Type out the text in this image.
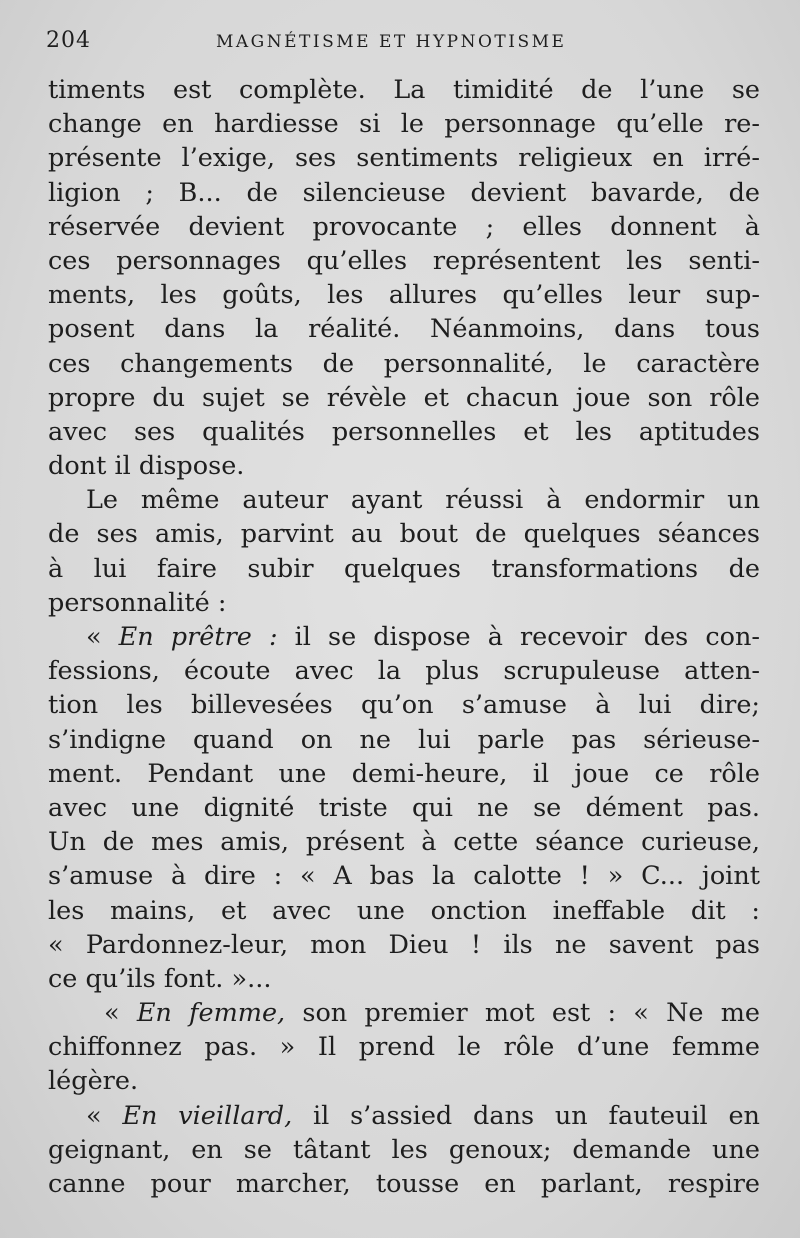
204	MAGNÉTISME ET HYPNOTISME
timents est complète. La timidité de l’une se
change en hardiesse si le personnage qu’elle re-
présente l’exige, ses sentiments religieux en irré-
ligion ; B... de silencieuse devient bavarde, de
réservée devient provocante ; elles donnent à
ces personnages qu’elles représentent les senti-
ments, les goûts, les allures qu’elles leur sup-
posent dans la réalité. Néanmoins, dans tous
ces changements de personnalité, le caractère
propre du sujet se révèle et chacun joue son rôle
avec ses qualités personnelles et les aptitudes
dont il dispose.
Le même auteur ayant réussi à endormir un
de ses amis, parvint au bout de quelques séances
à lui faire subir quelques transformations de
personnalité :
« En prêtre : il se dispose à recevoir des con-
fessions, écoute avec la plus scrupuleuse atten-
tion les billevesées qu’on s’amuse à lui dire;
s’indigne quand on ne lui parle pas sérieuse-
ment. Pendant une demi-heure, il joue ce rôle
avec une dignité triste qui ne se dément pas.
Un de mes amis, présent à cette séance curieuse,
s’amuse à dire : « A bas la calotte ! » C... joint
les mains, et avec une onction ineffable dit :
« Pardonnez-leur, mon Dieu ! ils ne savent pas
ce qu’ils font. »...
« En femme, son premier mot est : « Ne me
chiffonnez pas. » Il prend le rôle d’une femme
légère.
« En vieillard, il s’assied dans un fauteuil en
geignant, en se tâtant les genoux; demande une
canne pour marcher, tousse en parlant, respire
